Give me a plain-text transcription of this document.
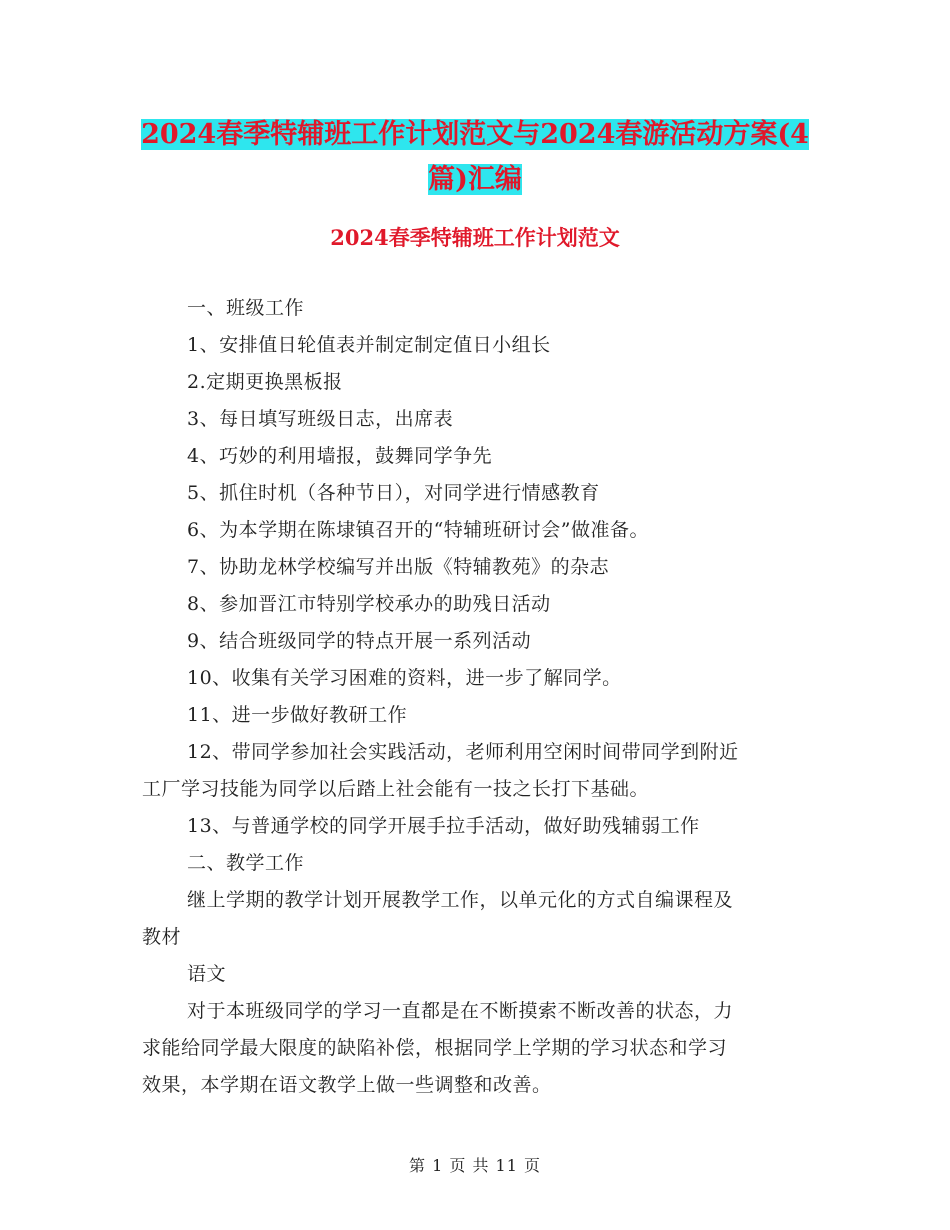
2024春季特辅班工作计划范文与2024春游活动方案(4
篇)汇编
2024春季特辅班工作计划范文
一、班级工作
1、安排值日轮值表并制定制定值日小组长
2.定期更换黑板报
3、每日填写班级日志，出席表
4、巧妙的利用墙报，鼓舞同学争先
5、抓住时机（各种节日），对同学进行情感教育
6、为本学期在陈埭镇召开的“特辅班研讨会”做准备。
7、协助龙林学校编写并出版《特辅教苑》的杂志
8、参加晋江市特别学校承办的助残日活动
9、结合班级同学的特点开展一系列活动
10、收集有关学习困难的资料，进一步了解同学。
11、进一步做好教研工作
12、带同学参加社会实践活动，老师利用空闲时间带同学到附近
工厂学习技能为同学以后踏上社会能有一技之长打下基础。
13、与普通学校的同学开展手拉手活动，做好助残辅弱工作
二、教学工作
继上学期的教学计划开展教学工作，以单元化的方式自编课程及
教材
语文
对于本班级同学的学习一直都是在不断摸索不断改善的状态，力
求能给同学最大限度的缺陷补偿，根据同学上学期的学习状态和学习
效果，本学期在语文教学上做一些调整和改善。
第 1 页 共 11 页
